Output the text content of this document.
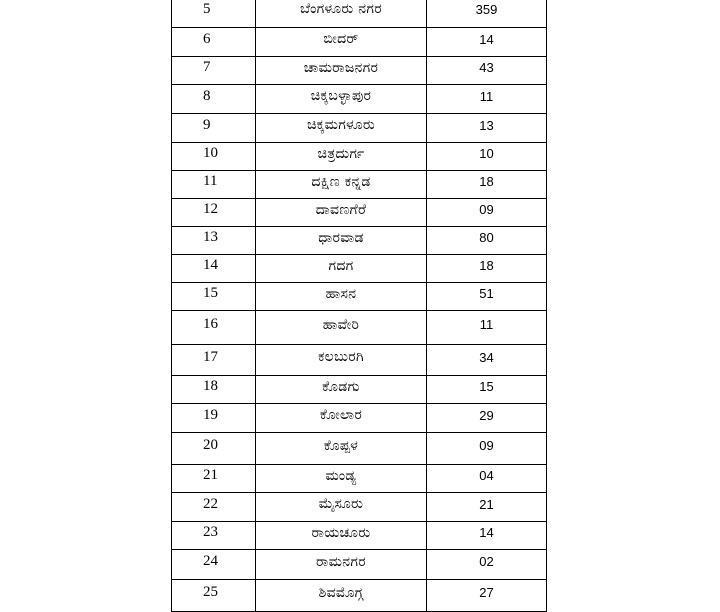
5	ಬೆಂಗಳೂರು ನಗರ	359
6	ಬೀದರ್	14
7	ಚಾಮರಾಜನಗರ	43
8	ಚಿಕ್ಕಬಳ್ಳಾಪುರ	11
9	ಚಿಕ್ಕಮಗಳೂರು	13
10	ಚಿತ್ರದುರ್ಗ	10
11	ದಕ್ಷಿಣ ಕನ್ನಡ	18
12	ದಾವಣಗೆರೆ	09
13	ಧಾರವಾಡ	80
14	ಗದಗ	18
15	ಹಾಸನ	51
16	ಹಾವೇರಿ	11
17	ಕಲಬುರಗಿ	34
18	ಕೊಡಗು	15
19	ಕೋಲಾರ	29
20	ಕೊಪ್ಪಳ	09
21	ಮಂಡ್ಯ	04
22	ಮೈಸೂರು	21
23	ರಾಯಚೂರು	14
24	ರಾಮನಗರ	02
25	ಶಿವಮೊಗ್ಗ	27
